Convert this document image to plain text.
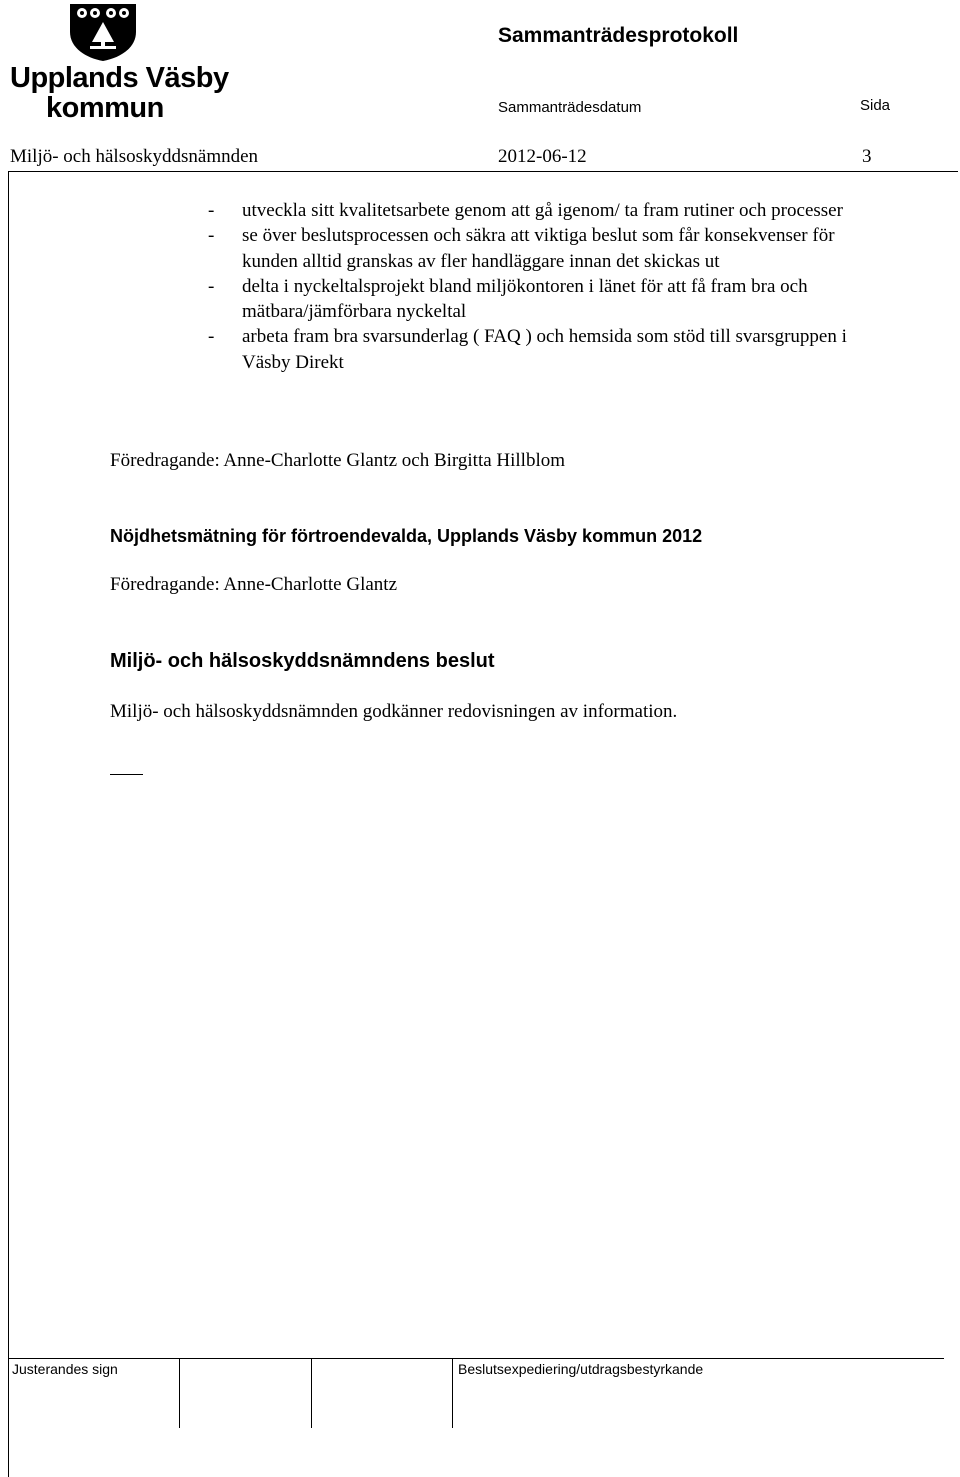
Upplands Väsby
kommun
Sammanträdesprotokoll
Sammanträdesdatum	Sida
Miljö- och hälsoskyddsnämnden	2012-06-12	3
- utveckla sitt kvalitetsarbete genom att gå igenom/ ta fram rutiner och processer
- se över beslutsprocessen och säkra att viktiga beslut som får konsekvenser för kunden alltid granskas av fler handläggare innan det skickas ut
- delta i nyckeltalsprojekt bland miljökontoren i länet för att få fram bra och mätbara/jämförbara nyckeltal
- arbeta fram bra svarsunderlag ( FAQ ) och hemsida som stöd till svarsgruppen i Väsby Direkt
Föredragande: Anne-Charlotte Glantz och Birgitta Hillblom
Nöjdhetsmätning för förtroendevalda, Upplands Väsby kommun 2012
Föredragande: Anne-Charlotte Glantz
Miljö- och hälsoskyddsnämndens beslut
Miljö- och hälsoskyddsnämnden godkänner redovisningen av information.
Justerandes sign	Beslutsexpediering/utdragsbestyrkande
